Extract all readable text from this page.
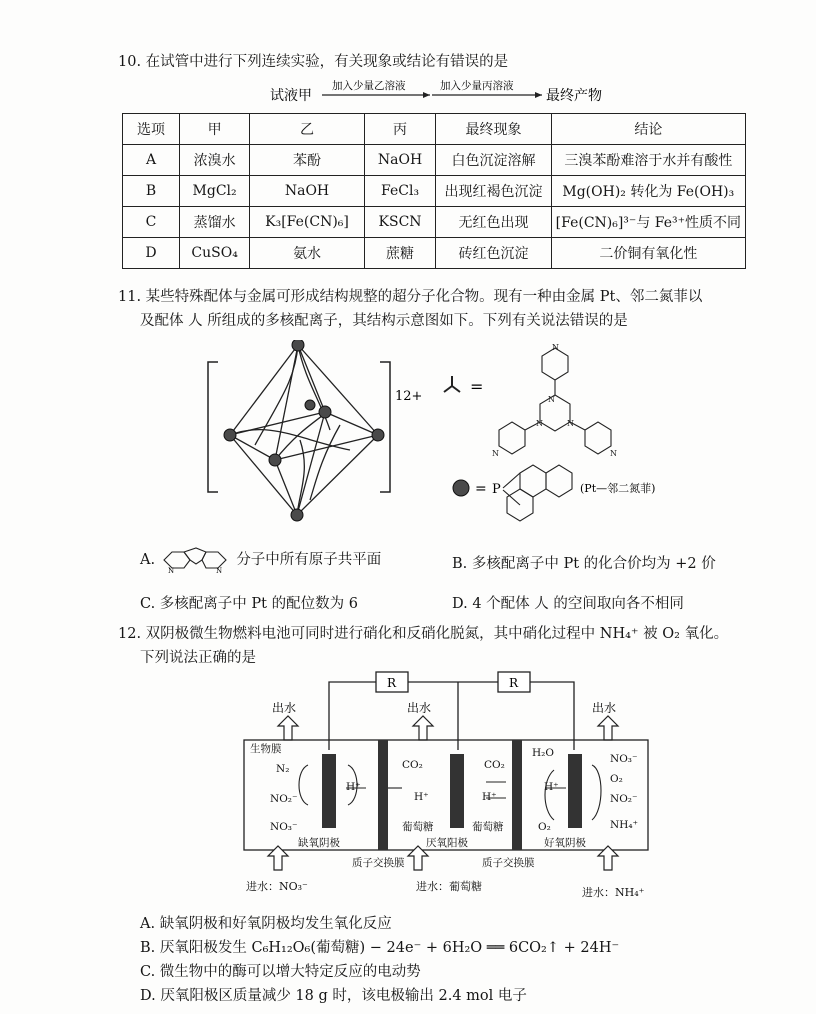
10. 在试管中进行下列连续实验，有关现象或结论有错误的是
试液甲
加入少量乙溶液	加入少量丙溶液
最终产物
选项	甲	乙	丙	最终现象	结论
A	浓溴水	苯酚	NaOH	白色沉淀溶解	三溴苯酚难溶于水并有酸性
B	MgCl₂	NaOH	FeCl₃	出现红褐色沉淀	Mg(OH)₂ 转化为 Fe(OH)₃
C	蒸馏水	K₃[Fe(CN)₆]	KSCN	无红色出现	[Fe(CN)₆]³⁻与 Fe³⁺性质不同
D	CuSO₄	氨水	蔗糖	砖红色沉淀	二价铜有氧化性
11. 某些特殊配体与金属可形成结构规整的超分子化合物。现有一种由金属 Pt、邻二氮菲以
及配体 人 所组成的多核配离子，其结构示意图如下。下列有关说法错误的是
12+
=
N
N
N	N
N	N
= P	(Pt—邻二氮菲)
A.
N	N
分子中所有原子共平面	B. 多核配离子中 Pt 的化合价均为 +2 价
C. 多核配离子中 Pt 的配位数为 6	D. 4 个配体 人 的空间取向各不相同
12. 双阴极微生物燃料电池可同时进行硝化和反硝化脱氮，其中硝化过程中 NH₄⁺ 被 O₂ 氧化。
下列说法正确的是
R	R
出水	出水	出水
生物膜
N₂
NO₂⁻
NO₃⁻
H⁺
CO₂	CO₂
H⁺	H⁺
葡萄糖	葡萄糖
H₂O
H⁺
O₂
NO₃⁻
O₂
NO₂⁻
NH₄⁺
缺氧阴极	厌氧阳极	好氧阴极
质子交换膜	质子交换膜
进水：NO₃⁻	进水：葡萄糖	进水：NH₄⁺
A. 缺氧阴极和好氧阴极均发生氧化反应
B. 厌氧阳极发生 C₆H₁₂O₆(葡萄糖) − 24e⁻ + 6H₂O ══ 6CO₂↑ + 24H⁻
C. 微生物中的酶可以增大特定反应的电动势
D. 厌氧阳极区质量减少 18 g 时，该电极输出 2.4 mol 电子
